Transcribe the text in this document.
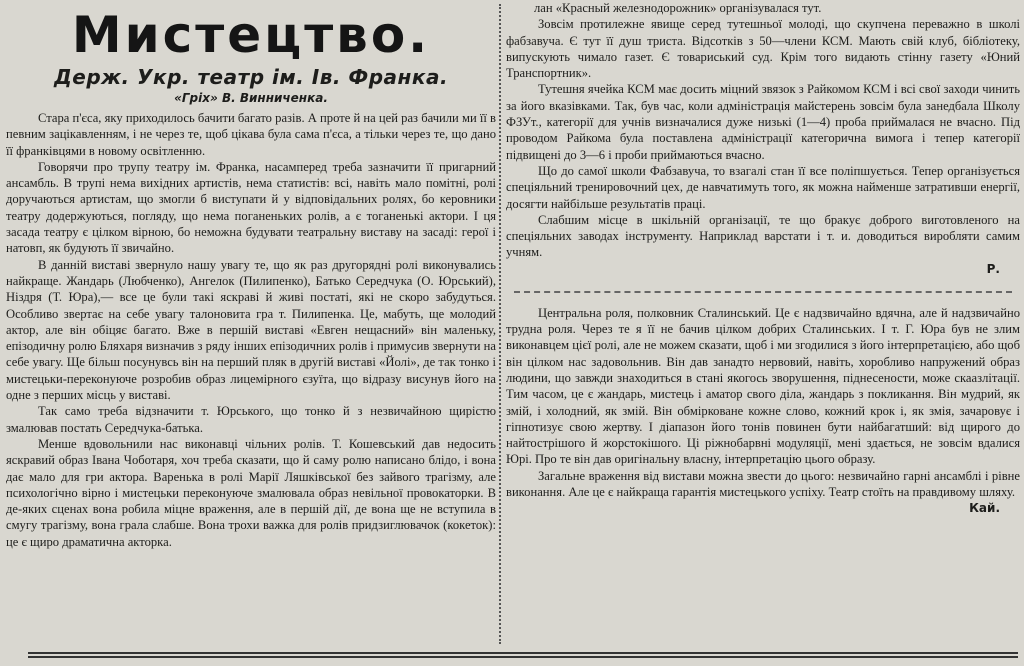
Мистецтво.
Держ. Укр. театр ім. Ів. Франка.
«Гріх» В. Винниченка.

Стара п'єса, яку приходилось бачити багато разів. А проте й на цей раз бачили ми її в певним зацікавленням, і не через те, щоб цікава була сама п'єса, а тільки через те, що дано її франківцями в новому освітленню.

Говорячи про трупу театру ім. Франка, насамперед треба зазначити її пригарний ансамбль. В трупі нема вихідних артистів, нема статистів: всі, навіть мало помітні, ролі доручаються артистам, що змогли б виступати й у відповідальних ролях, бо керовники театру додержуються, погляду, що нема поганеньких ролів, а є тоганенькі актори. І ця засада театру є цілком вірною, бо неможна будувати театральну виставу на засаді: герої і натовп, як будують її звичайно.

В данній виставі звернуло нашу увагу те, що як раз другорядні ролі виконувались найкраще. Жандарь (Любченко), Ангелок (Пилипенко), Батько Середчука (О. Юрський), Ніздря (Т. Юра),— все це були такі яскраві й живі постаті, які не скоро забудуться. Особливо звертає на себе увагу талоновита гра т. Пилипенка. Це, мабуть, ще молодий актор, але він обіцяє багато. Вже в першій виставі «Евген нещасний» він маленьку, епізодичну ролю Бляхаря визначив з ряду інших епізодичних ролів і примусив звернути на себе увагу. Ще більш посунувсь він на перший пляк в другій виставі «Йолі», де так тонко і мистецьки-переконуюче розробив образ лицемірного єзуїта, що відразу висунув його на одне з перших місць у виставі.

Так само треба відзначити т. Юрського, що тонко й з незвичайною щирістю змалював постать Середчука-батька.

Менше вдовольнили нас виконавці чільних ролів. Т. Кошевський дав недосить яскравий образ Івана Чоботаря, хоч треба сказати, що й саму ролю написано блідо, і вона дає мало для гри актора. Варенька в ролі Марії Ляшківської без зайвого трагізму, але психологічно вірно і мистецьки переконуюче змалювала образ невільної провокаторки. В де-яких сценах вона робила міцне враження, але в першій дії, де вона ще не вступила в смугу трагізму, вона грала слабше. Вона трохи важка для ролів придзиглювачок (кокеток): це є щиро драматична акторка.

лан «Красный железнодорожник» організувалася тут.

Зовсім протилежне явище серед тутешньої молоді, що скупчена переважно в школі фабзавуча. Є тут її душ триста. Відсотків з 50—члени КСМ. Мають свій клуб, бібліотеку, випускують чимало газет. Є товариський суд. Крім того видають стінну газету «Юний Транспортник».

Тутешня ячейка КСМ має досить міцний звязок з Райкомом КСМ і всі свої заходи чинить за його вказівками. Так, був час, коли адміністрація майстерень зовсім була занедбала Школу ФЗУт., категорії для учнів визначалися дуже низькі (1—4) проба приймалася не вчасно. Під проводом Райкома була поставлена адміністрації категорична вимога і тепер категорії підвищені до 3—6 і проби приймаються вчасно.

Що до самої школи Фабзавуча, то взагалі стан її все поліпшується. Тепер організується спеціяльний тренировочний цех, де навчатимуть того, як можна найменше затративши енергії, досягти найбільше результатів праці.

Слабшим місце в шкільній організації, те що бракує доброго виготовленого на спеціяльних заводах інструменту. Наприклад варстати і т. и. доводиться виробляти самим учням.

Р.

Центральна роля, полковник Сталинський. Це є надзвичайно вдячна, але й надзвичайно трудна роля. Через те я її не бачив цілком добрих Сталинських. І т. Г. Юра був не злим виконавцем цієї ролі, але не можем сказати, щоб і ми згодилися з його інтерпретацією, або щоб він цілком нас задовольнив. Він дав занадто нервовий, навіть, хоробливо напружений образ людини, що завжди знаходиться в стані якогось зворушення, піднесености, може скаазлітації. Тим часом, це є жандарь, мистець і аматор свого діла, жандарь з покликання. Він мудрий, як змій, і холодний, як змій. Він обмірковане кожне слово, кожний крок і, як змія, зачаровує і гіпнотизує свою жертву. І діапазон його тонів повинен бути найбагатший: від щирого до найтострішого й жорстокішого. Ці ріжнобарвні модуляції, мені здається, не зовсім вдалися Юрі. Про те він дав оригінальну власну, інтерпретацію цього образу.

Загальне враження від вистави можна звести до цього: незвичайно гарні ансамблі і рівне виконання. Але це є найкраща гарантія мистецького успіху. Театр стоїть на правдивому шляху.

Кай.
